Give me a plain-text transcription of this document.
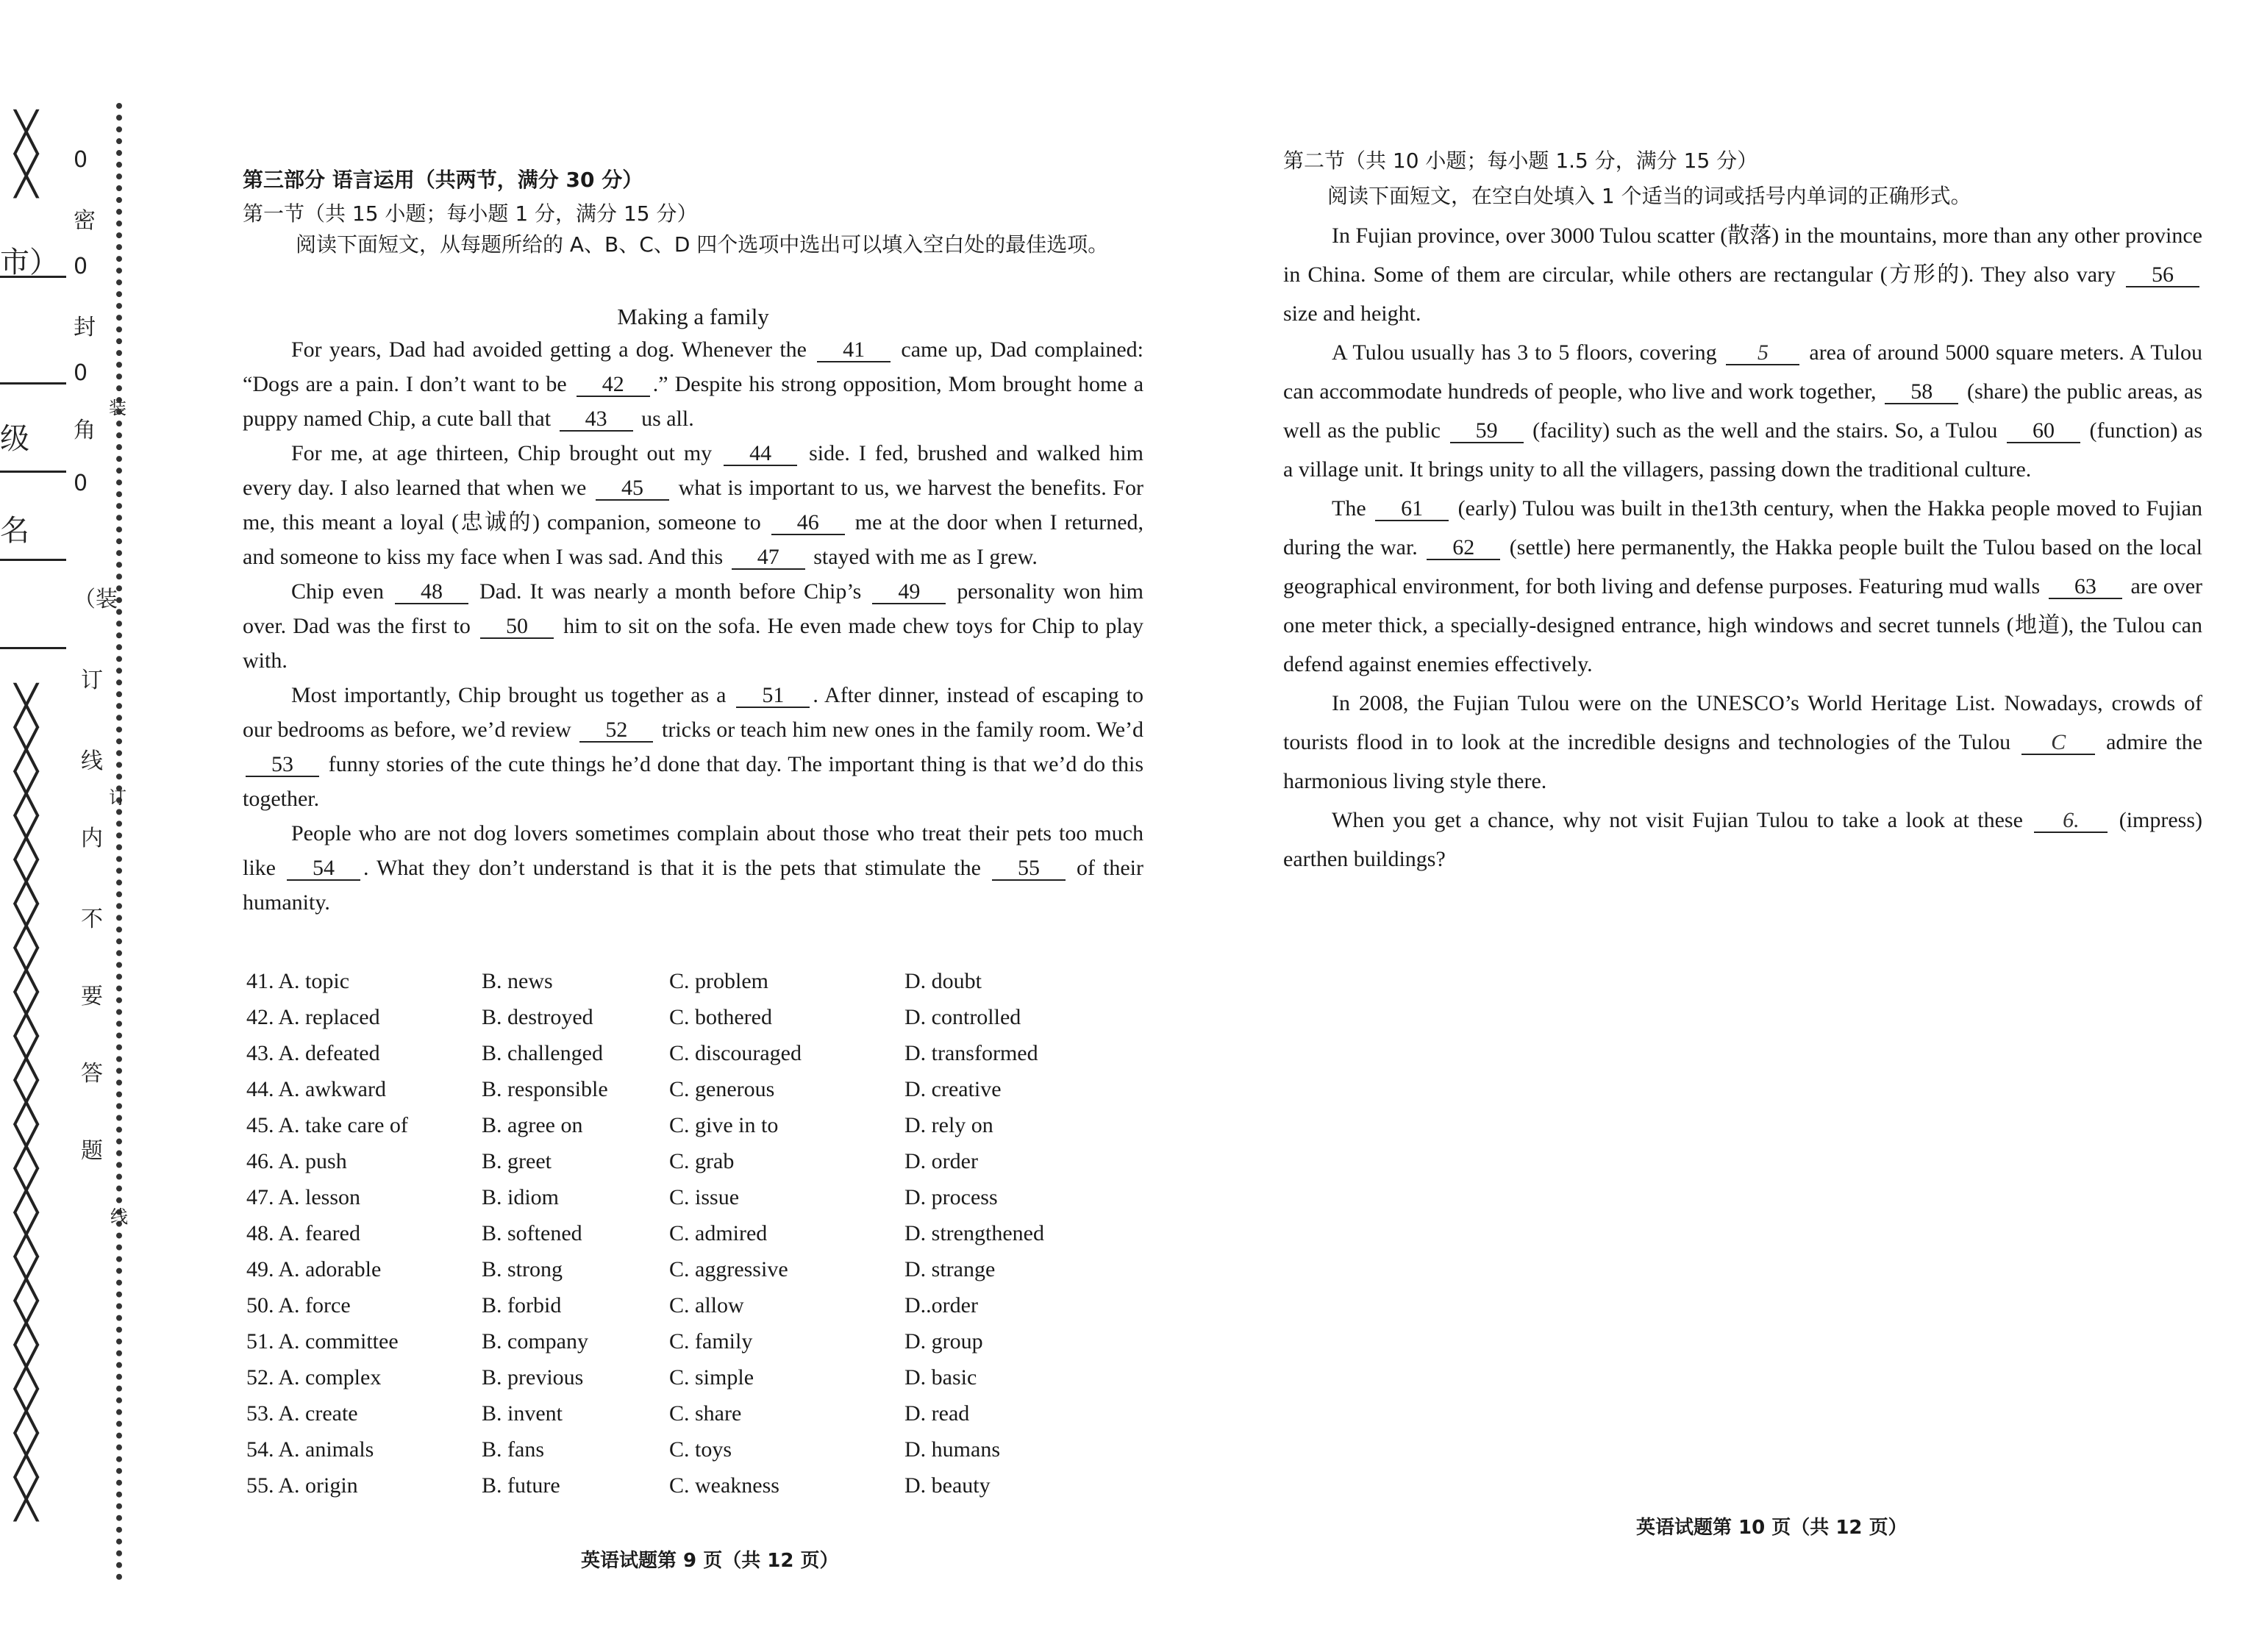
╳
╳
╳
╳
╳
╳
╳
╳
╳
╳
╳
╳
╳
╳
╳
╳
╳
╳
╳
╳
╳
市）
级
名
0
密
0
封
0
角
0
（装
订
线
内
不
要
答
题
线
装
订
第三部分 语言运用（共两节，满分 30 分）
第一节（共 15 小题；每小题 1 分，满分 15 分）
阅读下面短文，从每题所给的 A、B、C、D 四个选项中选出可以填入空白处的最佳选项。
Making a family

For years, Dad had avoided getting a dog. Whenever the 41 came up, Dad complained: “Dogs are a pain. I don’t want to be 42 .” Despite his strong opposition, Mom brought home a puppy named Chip, a cute ball that 43 us all.

For me, at age thirteen, Chip brought out my 44 side. I fed, brushed and walked him every day. I also learned that when we 45 what is important to us, we harvest the benefits. For me, this meant a loyal (忠诚的) companion, someone to 46 me at the door when I returned, and someone to kiss my face when I was sad. And this 47 stayed with me as I grew.

Chip even 48 Dad. It was nearly a month before Chip’s 49 personality won him over. Dad was the first to 50 him to sit on the sofa. He even made chew toys for Chip to play with.

Most importantly, Chip brought us together as a 51 . After dinner, instead of escaping to our bedrooms as before, we’d review 52 tricks or teach him new ones in the family room. We’d 53 funny stories of the cute things he’d done that day. The important thing is that we’d do this together.

People who are not dog lovers sometimes complain about those who treat their pets too much like 54 . What they don’t understand is that it is the pets that stimulate the 55 of their humanity.

41. A. topic	B. news	C. problem	D. doubt
42. A. replaced	B. destroyed	C. bothered	D. controlled
43. A. defeated	B. challenged	C. discouraged	D. transformed
44. A. awkward	B. responsible	C. generous	D. creative
45. A. take care of	B. agree on	C. give in to	D. rely on
46. A. push	B. greet	C. grab	D. order
47. A. lesson	B. idiom	C. issue	D. process
48. A. feared	B. softened	C. admired	D. strengthened
49. A. adorable	B. strong	C. aggressive	D. strange
50. A. force	B. forbid	C. allow	D..order
51. A. committee	B. company	C. family	D. group
52. A. complex	B. previous	C. simple	D. basic
53. A. create	B. invent	C. share	D. read
54. A. animals	B. fans	C. toys	D. humans
55. A. origin	B. future	C. weakness	D. beauty
英语试题第 9 页（共 12 页）
第二节（共 10 小题；每小题 1.5 分，满分 15 分）
阅读下面短文，在空白处填入 1 个适当的词或括号内单词的正确形式。

In Fujian province, over 3000 Tulou scatter (散落) in the mountains, more than any other province in China. Some of them are circular, while others are rectangular (方形的). They also vary 56 size and height.

A Tulou usually has 3 to 5 floors, covering 5 area of around 5000 square meters. A Tulou can accommodate hundreds of people, who live and work together, 58 (share) the public areas, as well as the public 59 (facility) such as the well and the stairs. So, a Tulou 60 (function) as a village unit. It brings unity to all the villagers, passing down the traditional culture.

The 61 (early) Tulou was built in the13th century, when the Hakka people moved to Fujian during the war. 62 (settle) here permanently, the Hakka people built the Tulou based on the local geographical environment, for both living and defense purposes. Featuring mud walls 63 are over one meter thick, a specially-designed entrance, high windows and secret tunnels (地道), the Tulou can defend against enemies effectively.

In 2008, the Fujian Tulou were on the UNESCO’s World Heritage List. Nowadays, crowds of tourists flood in to look at the incredible designs and technologies of the Tulou C admire the harmonious living style there.

When you get a chance, why not visit Fujian Tulou to take a look at these 6. (impress) earthen buildings?

英语试题第 10 页（共 12 页）
